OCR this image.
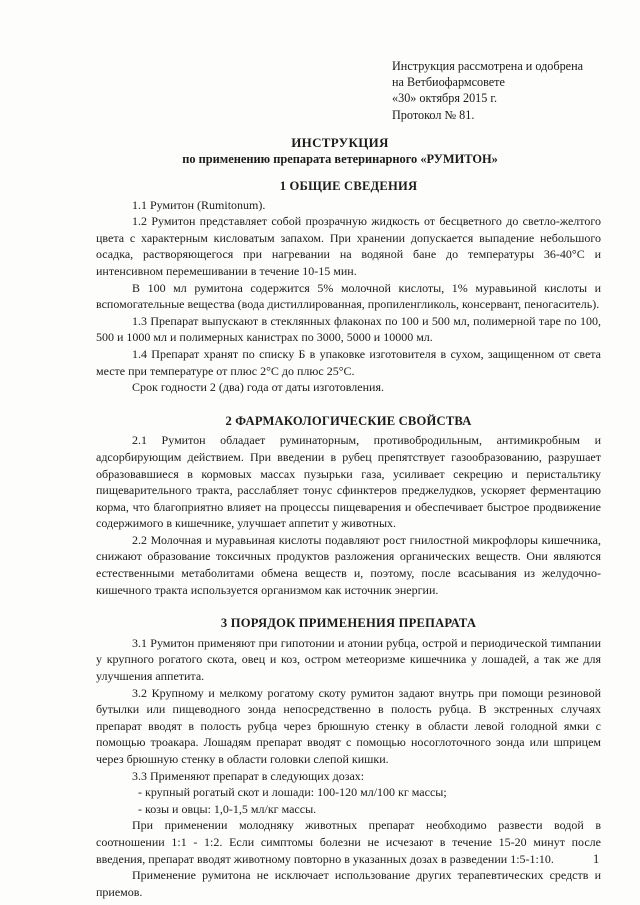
Инструкция рассмотрена и одобрена
на Ветбиофармсовете
«30» октября 2015 г.
Протокол № 81.
ИНСТРУКЦИЯ
по применению препарата ветеринарного «РУМИТОН»
1 ОБЩИЕ СВЕДЕНИЯ

1.1 Румитон (Rumitonum).

1.2 Румитон представляет собой прозрачную жидкость от бесцветного до светло-желтого цвета с характерным кисловатым запахом. При хранении допускается выпадение небольшого осадка, растворяющегося при нагревании на водяной бане до температуры 36-40°С и интенсивном перемешивании в течение 10-15 мин.

В 100 мл румитона содержится 5% молочной кислоты, 1% муравьиной кислоты и вспомогательные вещества (вода дистиллированная, пропиленгликоль, консервант, пеногаситель).

1.3 Препарат выпускают в стеклянных флаконах по 100 и 500 мл, полимерной таре по 100, 500 и 1000 мл и полимерных канистрах по 3000, 5000 и 10000 мл.

1.4 Препарат хранят по списку Б в упаковке изготовителя в сухом, защищенном от света месте при температуре от плюс 2°С до плюс 25°С.

Срок годности 2 (два) года от даты изготовления.

2 ФАРМАКОЛОГИЧЕСКИЕ СВОЙСТВА

2.1 Румитон обладает руминаторным, противобродильным, антимикробным и адсорбирующим действием. При введении в рубец препятствует газообразованию, разрушает образовавшиеся в кормовых массах пузырьки газа, усиливает секрецию и перистальтику пищеварительного тракта, расслабляет тонус сфинктеров преджелудков, ускоряет ферментацию корма, что благоприятно влияет на процессы пищеварения и обеспечивает быстрое продвижение содержимого в кишечнике, улучшает аппетит у животных.

2.2 Молочная и муравьиная кислоты подавляют рост гнилостной микрофлоры кишечника, снижают образование токсичных продуктов разложения органических веществ. Они являются естественными метаболитами обмена веществ и, поэтому, после всасывания из желудочно-кишечного тракта используется организмом как источник энергии.

3 ПОРЯДОК ПРИМЕНЕНИЯ ПРЕПАРАТА

3.1 Румитон применяют при гипотонии и атонии рубца, острой и периодической тимпании у крупного рогатого скота, овец и коз, остром метеоризме кишечника у лошадей, а так же для улучшения аппетита.

3.2 Крупному и мелкому рогатому скоту румитон задают внутрь при помощи резиновой бутылки или пищеводного зонда непосредственно в полость рубца. В экстренных случаях препарат вводят в полость рубца через брюшную стенку в области левой голодной ямки с помощью троакара. Лошадям препарат вводят с помощью носоглоточного зонда или шприцем через брюшную стенку в области головки слепой кишки.

3.3 Применяют препарат в следующих дозах:

- крупный рогатый скот и лошади: 100-120 мл/100 кг массы;

- козы и овцы: 1,0-1,5 мл/кг массы.

При применении молодняку животных препарат необходимо развести водой в соотношении 1:1 - 1:2. Если симптомы болезни не исчезают в течение 15-20 минут после введения, препарат вводят животному повторно в указанных дозах в разведении 1:5-1:10.

Применение румитона не исключает использование других терапевтических средств и приемов.

1
